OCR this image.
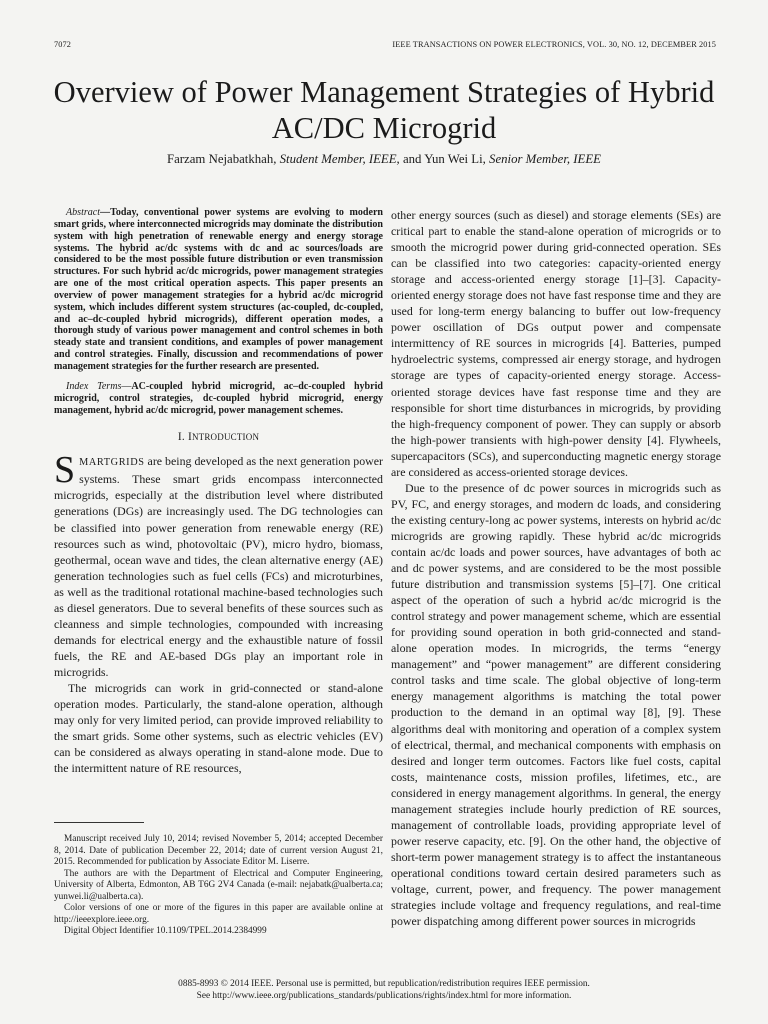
7072	IEEE TRANSACTIONS ON POWER ELECTRONICS, VOL. 30, NO. 12, DECEMBER 2015
Overview of Power Management Strategies of Hybrid
AC/DC Microgrid
Farzam Nejabatkhah, Student Member, IEEE, and Yun Wei Li, Senior Member, IEEE

Abstract—Today, conventional power systems are evolving to modern smart grids, where interconnected microgrids may dominate the distribution system with high penetration of renewable energy and energy storage systems. The hybrid ac/dc systems with dc and ac sources/loads are considered to be the most possible future distribution or even transmission structures. For such hybrid ac/dc microgrids, power management strategies are one of the most critical operation aspects. This paper presents an overview of power management strategies for a hybrid ac/dc microgrid system, which includes different system structures (ac-coupled, dc-coupled, and ac–dc-coupled hybrid microgrids), different operation modes, a thorough study of various power management and control schemes in both steady state and transient conditions, and examples of power management and control strategies. Finally, discussion and recommendations of power management strategies for the further research are presented.

Index Terms—AC-coupled hybrid microgrid, ac–dc-coupled hybrid microgrid, control strategies, dc-coupled hybrid microgrid, energy management, hybrid ac/dc microgrid, power management schemes.

I. INTRODUCTION

SMARTGRIDS are being developed as the next generation power systems. These smart grids encompass interconnected microgrids, especially at the distribution level where distributed generations (DGs) are increasingly used. The DG technologies can be classified into power generation from renewable energy (RE) resources such as wind, photovoltaic (PV), micro hydro, biomass, geothermal, ocean wave and tides, the clean alternative energy (AE) generation technologies such as fuel cells (FCs) and microturbines, as well as the traditional rotational machine-based technologies such as diesel generators. Due to several benefits of these sources such as cleanness and simple technologies, compounded with increasing demands for electrical energy and the exhaustible nature of fossil fuels, the RE and AE-based DGs play an important role in microgrids.

The microgrids can work in grid-connected or stand-alone operation modes. Particularly, the stand-alone operation, although may only for very limited period, can provide improved reliability to the smart grids. Some other systems, such as electric vehicles (EV) can be considered as always operating in stand-alone mode. Due to the intermittent nature of RE resources,

Manuscript received July 10, 2014; revised November 5, 2014; accepted December 8, 2014. Date of publication December 22, 2014; date of current version August 21, 2015. Recommended for publication by Associate Editor M. Liserre.

The authors are with the Department of Electrical and Computer Engineering, University of Alberta, Edmonton, AB T6G 2V4 Canada (e-mail: nejabatk@ualberta.ca; yunwei.li@ualberta.ca).

Color versions of one or more of the figures in this paper are available online at http://ieeexplore.ieee.org.

Digital Object Identifier 10.1109/TPEL.2014.2384999

other energy sources (such as diesel) and storage elements (SEs) are critical part to enable the stand-alone operation of microgrids or to smooth the microgrid power during grid-connected operation. SEs can be classified into two categories: capacity-oriented energy storage and access-oriented energy storage [1]–[3]. Capacity-oriented energy storage does not have fast response time and they are used for long-term energy balancing to buffer out low-frequency power oscillation of DGs output power and compensate intermittency of RE sources in microgrids [4]. Batteries, pumped hydroelectric systems, compressed air energy storage, and hydrogen storage are types of capacity-oriented energy storage. Access-oriented storage devices have fast response time and they are responsible for short time disturbances in microgrids, by providing the high-frequency component of power. They can supply or absorb the high-power transients with high-power density [4]. Flywheels, supercapacitors (SCs), and superconducting magnetic energy storage are considered as access-oriented storage devices.

Due to the presence of dc power sources in microgrids such as PV, FC, and energy storages, and modern dc loads, and considering the existing century-long ac power systems, interests on hybrid ac/dc microgrids are growing rapidly. These hybrid ac/dc microgrids contain ac/dc loads and power sources, have advantages of both ac and dc power systems, and are considered to be the most possible future distribution and transmission systems [5]–[7]. One critical aspect of the operation of such a hybrid ac/dc microgrid is the control strategy and power management scheme, which are essential for providing sound operation in both grid-connected and stand-alone operation modes. In microgrids, the terms “energy management” and “power management” are different considering control tasks and time scale. The global objective of long-term energy management algorithms is matching the total power production to the demand in an optimal way [8], [9]. These algorithms deal with monitoring and operation of a complex system of electrical, thermal, and mechanical components with emphasis on desired and longer term outcomes. Factors like fuel costs, capital costs, maintenance costs, mission profiles, lifetimes, etc., are considered in energy management algorithms. In general, the energy management strategies include hourly prediction of RE sources, management of controllable loads, providing appropriate level of power reserve capacity, etc. [9]. On the other hand, the objective of short-term power management strategy is to affect the instantaneous operational conditions toward certain desired parameters such as voltage, current, power, and frequency. The power management strategies include voltage and frequency regulations, and real-time power dispatching among different power sources in microgrids

0885-8993 © 2014 IEEE. Personal use is permitted, but republication/redistribution requires IEEE permission.
See http://www.ieee.org/publications_standards/publications/rights/index.html for more information.
